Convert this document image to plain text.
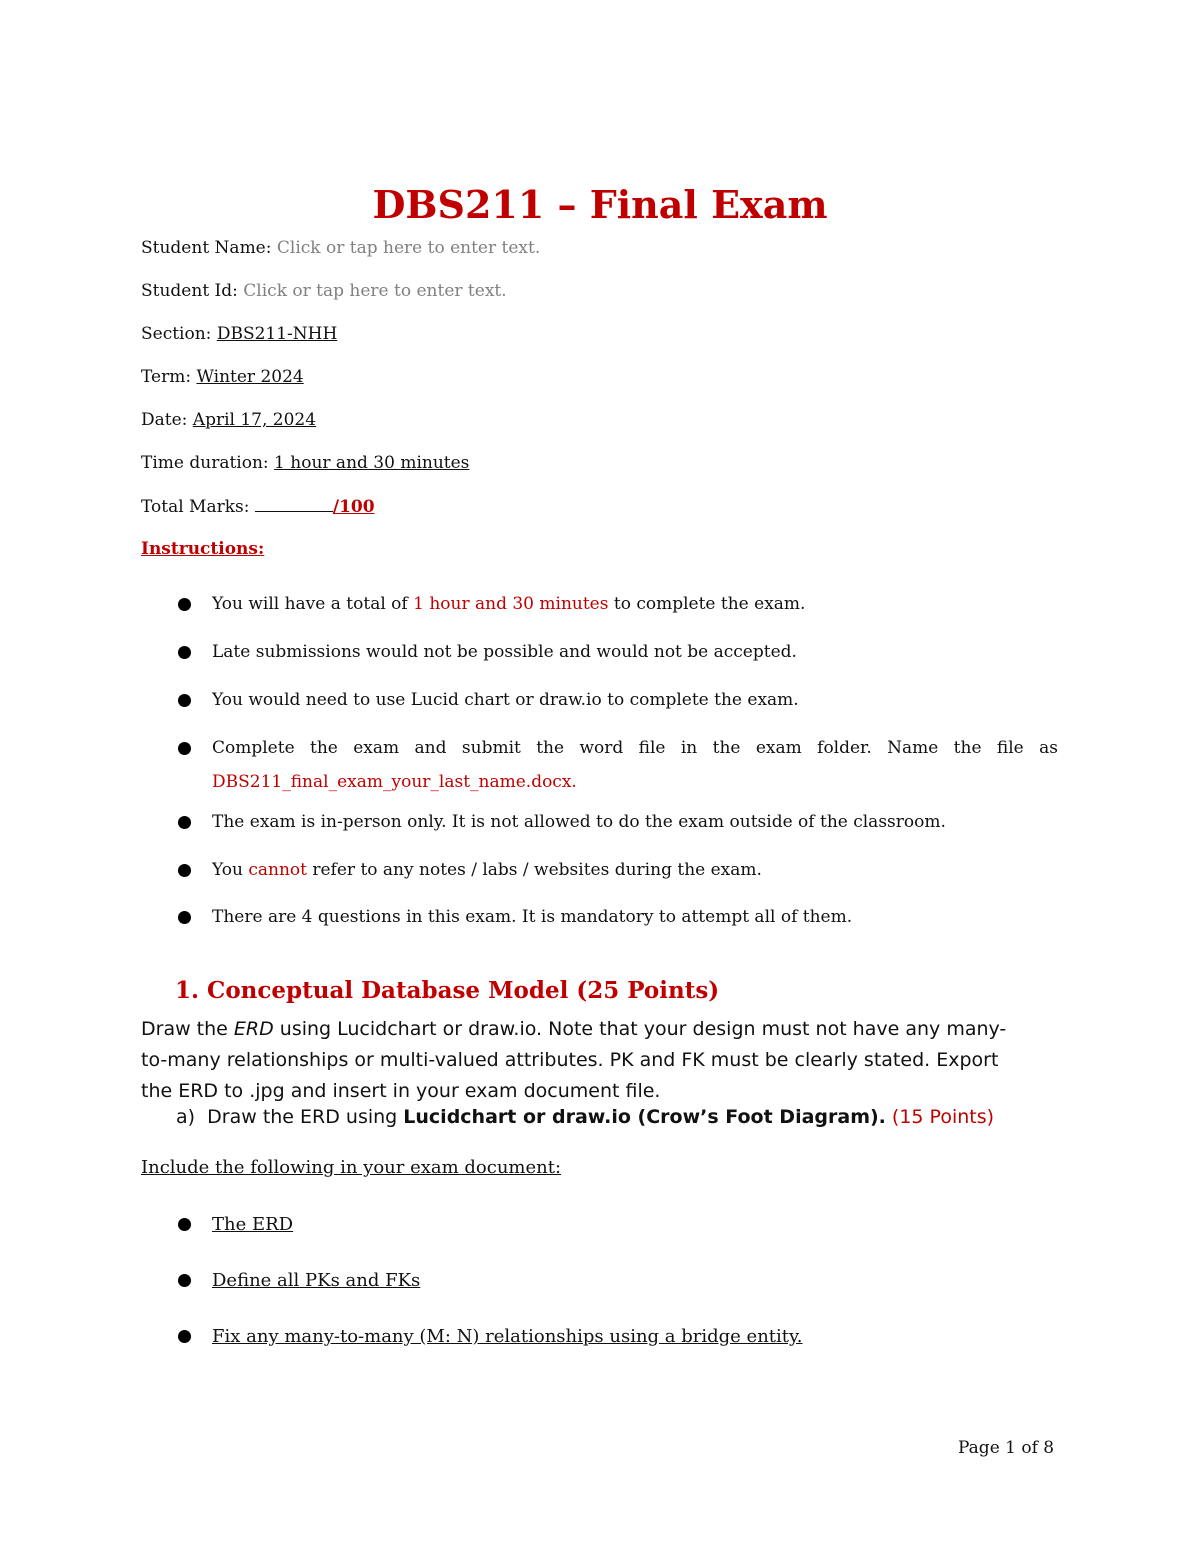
DBS211 – Final Exam
Student Name: Click or tap here to enter text.
Student Id: Click or tap here to enter text.
Section: DBS211-NHH
Term: Winter 2024
Date: April 17, 2024
Time duration: 1 hour and 30 minutes
Total Marks:	/100
Instructions:
You will have a total of 1 hour and 30 minutes to complete the exam.
Late submissions would not be possible and would not be accepted.
You would need to use Lucid chart or draw.io to complete the exam.
Complete the exam and submit the word file in the exam folder. Name the file as
DBS211_final_exam_your_last_name.docx.
The exam is in-person only. It is not allowed to do the exam outside of the classroom.
You cannot refer to any notes / labs / websites during the exam.
There are 4 questions in this exam. It is mandatory to attempt all of them.
1. Conceptual Database Model (25 Points)
Draw the ERD using Lucidchart or draw.io. Note that your design must not have any many-
to-many relationships or multi-valued attributes. PK and FK must be clearly stated. Export
the ERD to .jpg and insert in your exam document file.
a) Draw the ERD using Lucidchart or draw.io (Crow’s Foot Diagram). (15 Points)
Include the following in your exam document:
The ERD
Define all PKs and FKs
Fix any many-to-many (M: N) relationships using a bridge entity.
Page 1 of 8
